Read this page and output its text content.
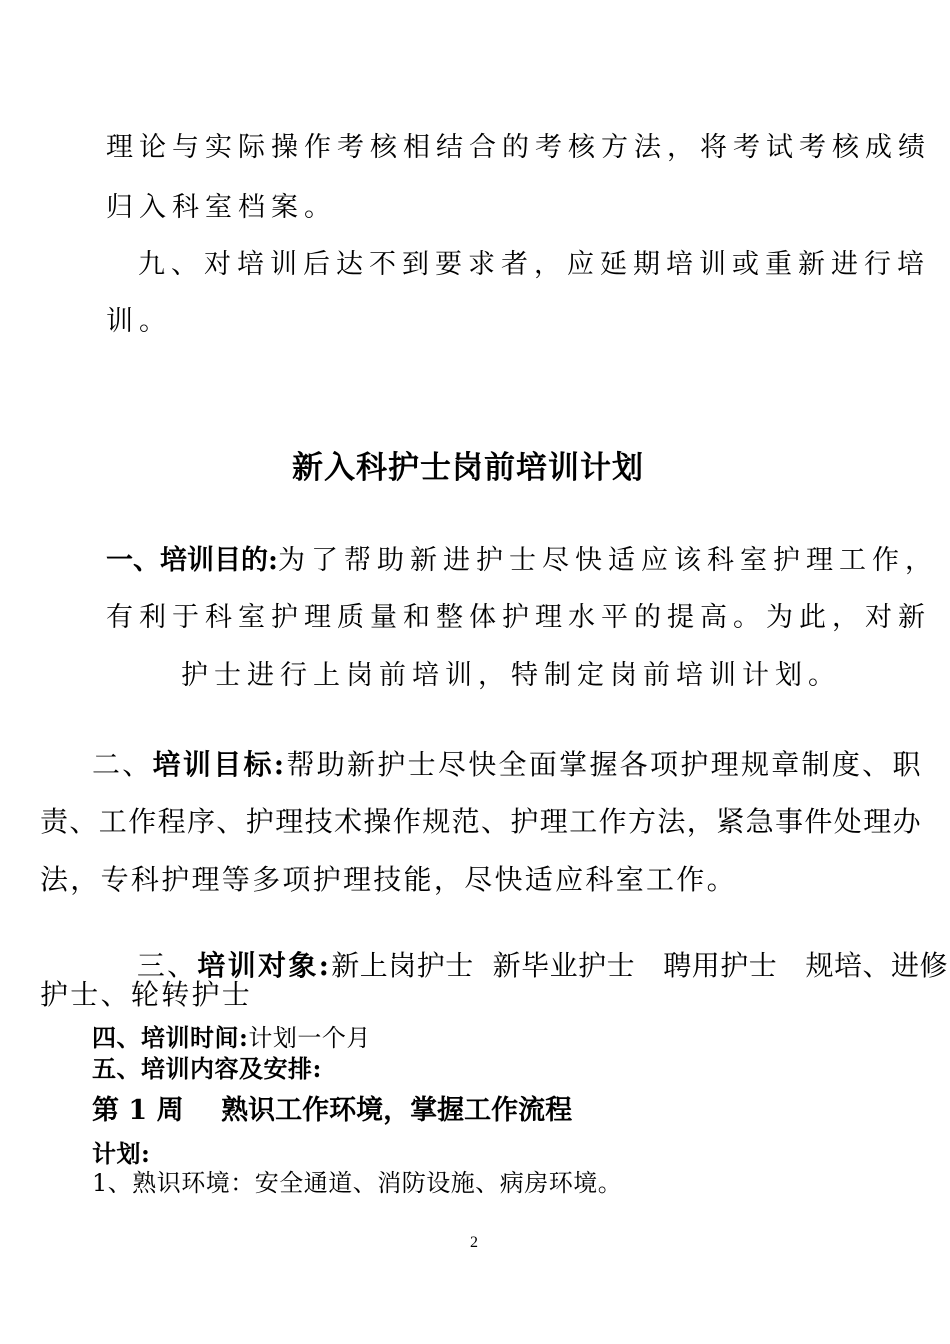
理论与实际操作考核相结合的考核方法，将考试考核成绩
归入科室档案。
九、对培训后达不到要求者，应延期培训或重新进行培
训。
新入科护士岗前培训计划
一、培训目的:为了帮助新进护士尽快适应该科室护理工作，
有利于科室护理质量和整体护理水平的提高。为此，对新
护士进行上岗前培训，特制定岗前培训计划。
二、培训目标:帮助新护士尽快全面掌握各项护理规章制度、职
责、工作程序、护理技术操作规范、护理工作方法，紧急事件处理办
法，专科护理等多项护理技能，尽快适应科室工作。

三、培训对象:新上岗护士  新毕业护士   聘用护士   规培、进修

护士、轮转护士
四、培训时间:计划一个月
五、培训内容及安排:
第 1 周    熟识工作环境，掌握工作流程
计划:
1、熟识环境：安全通道、消防设施、病房环境。
2
